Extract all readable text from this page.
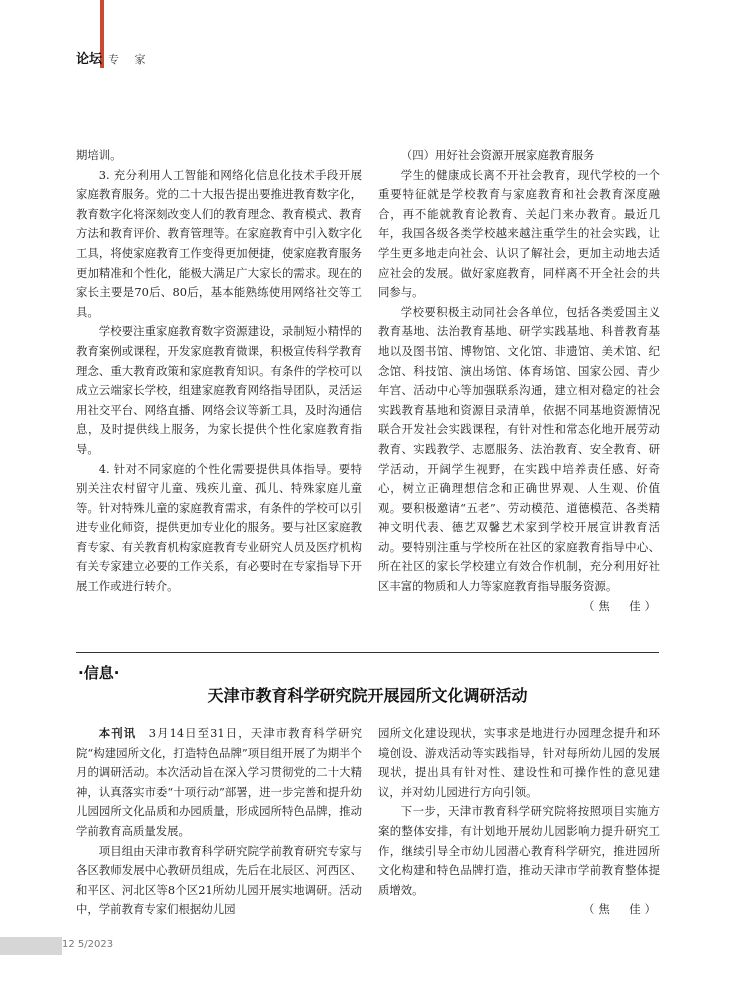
论坛 专 家

期培训。

3. 充分利用人工智能和网络化信息化技术手段开展家庭教育服务。党的二十大报告提出要推进教育数字化，教育数字化将深刻改变人们的教育理念、教育模式、教育方法和教育评价、教育管理等。在家庭教育中引入数字化工具，将使家庭教育工作变得更加便捷，使家庭教育服务更加精准和个性化，能极大满足广大家长的需求。现在的家长主要是70后、80后，基本能熟练使用网络社交等工具。

学校要注重家庭教育数字资源建设，录制短小精悍的教育案例或课程，开发家庭教育微课，积极宣传科学教育理念、重大教育政策和家庭教育知识。有条件的学校可以成立云端家长学校，组建家庭教育网络指导团队，灵活运用社交平台、网络直播、网络会议等新工具，及时沟通信息，及时提供线上服务，为家长提供个性化家庭教育指导。

4. 针对不同家庭的个性化需要提供具体指导。要特别关注农村留守儿童、残疾儿童、孤儿、特殊家庭儿童等。针对特殊儿童的家庭教育需求，有条件的学校可以引进专业化师资，提供更加专业化的服务。要与社区家庭教育专家、有关教育机构家庭教育专业研究人员及医疗机构有关专家建立必要的工作关系，有必要时在专家指导下开展工作或进行转介。

（四）用好社会资源开展家庭教育服务

学生的健康成长离不开社会教育，现代学校的一个重要特征就是学校教育与家庭教育和社会教育深度融合，再不能就教育论教育、关起门来办教育。最近几年，我国各级各类学校越来越注重学生的社会实践，让学生更多地走向社会、认识了解社会，更加主动地去适应社会的发展。做好家庭教育，同样离不开全社会的共同参与。

学校要积极主动同社会各单位，包括各类爱国主义教育基地、法治教育基地、研学实践基地、科普教育基地以及图书馆、博物馆、文化馆、非遗馆、美术馆、纪念馆、科技馆、演出场馆、体育场馆、国家公园、青少年宫、活动中心等加强联系沟通，建立相对稳定的社会实践教育基地和资源目录清单，依据不同基地资源情况联合开发社会实践课程，有针对性和常态化地开展劳动教育、实践教学、志愿服务、法治教育、安全教育、研学活动，开阔学生视野，在实践中培养责任感、好奇心，树立正确理想信念和正确世界观、人生观、价值观。要积极邀请“五老”、劳动模范、道德模范、各类精神文明代表、德艺双馨艺术家到学校开展宣讲教育活动。要特别注重与学校所在社区的家庭教育指导中心、所在社区的家长学校建立有效合作机制，充分利用好社区丰富的物质和人力等家庭教育指导服务资源。

（焦　佳）

·信息·
天津市教育科学研究院开展园所文化调研活动

本刊讯　 3月14日至31日，天津市教育科学研究院“构建园所文化，打造特色品牌”项目组开展了为期半个月的调研活动。本次活动旨在深入学习贯彻党的二十大精神，认真落实市委“十项行动”部署，进一步完善和提升幼儿园园所文化品质和办园质量，形成园所特色品牌，推动学前教育高质量发展。

项目组由天津市教育科学研究院学前教育研究专家与各区教师发展中心教研员组成，先后在北辰区、河西区、和平区、河北区等8个区21所幼儿园开展实地调研。活动中，学前教育专家们根据幼儿园

园所文化建设现状，实事求是地进行办园理念提升和环境创设、游戏活动等实践指导，针对每所幼儿园的发展现状，提出具有针对性、建设性和可操作性的意见建议，并对幼儿园进行方向引领。

下一步，天津市教育科学研究院将按照项目实施方案的整体安排，有计划地开展幼儿园影响力提升研究工作，继续引导全市幼儿园潜心教育科学研究，推进园所文化构建和特色品牌打造，推动天津市学前教育整体提质增效。

（焦　佳）

12 5/2023
